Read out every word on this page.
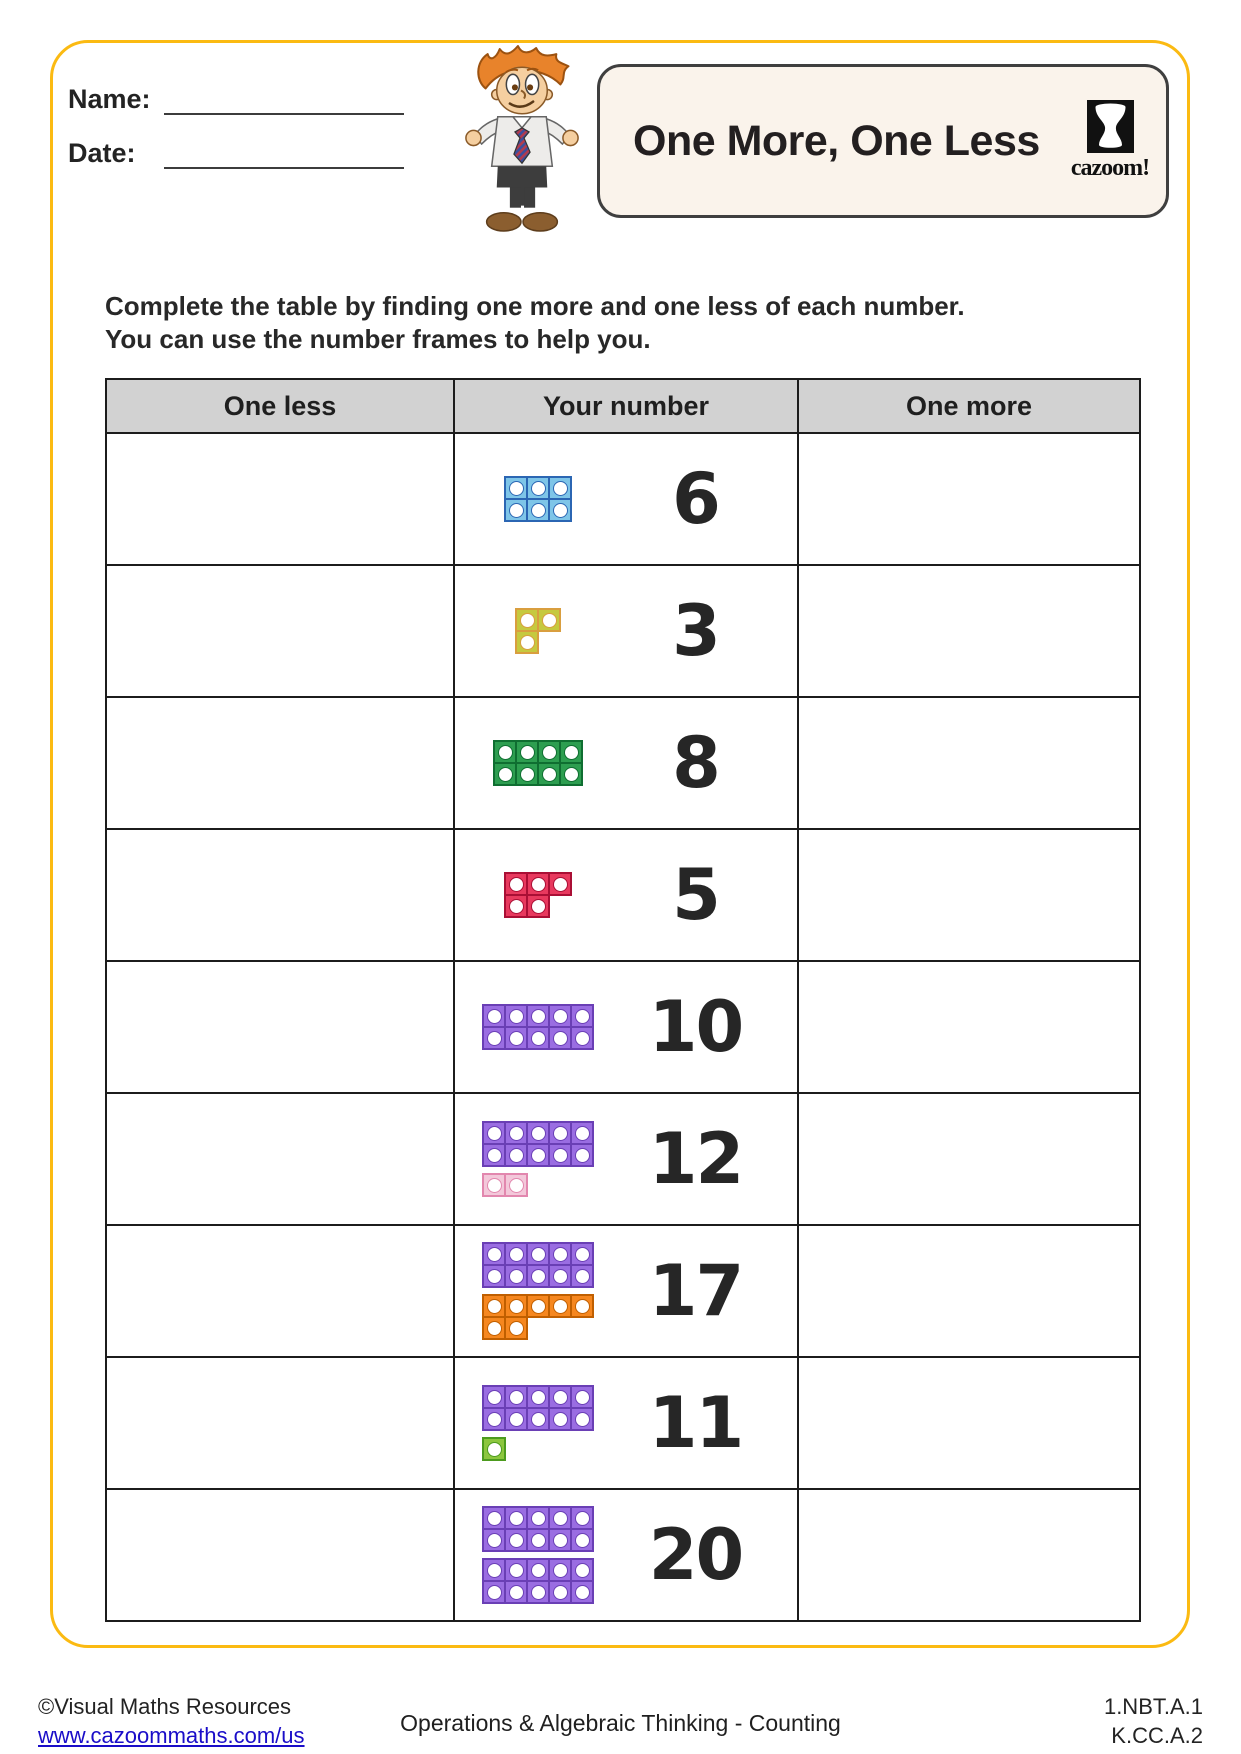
Name:
Date:	One More, One Less
cazoom!
Complete the table by finding one more and one less of each number.
You can use the number frames to help you.
One less	Your number	One more

	6	

	3	

	8	

	5	

	10	

	12	

	17	

	11	

	20	

©Visual Maths Resources
www.cazoommaths.com/us	Operations & Algebraic Thinking - Counting
1.NBT.A.1
K.CC.A.2
